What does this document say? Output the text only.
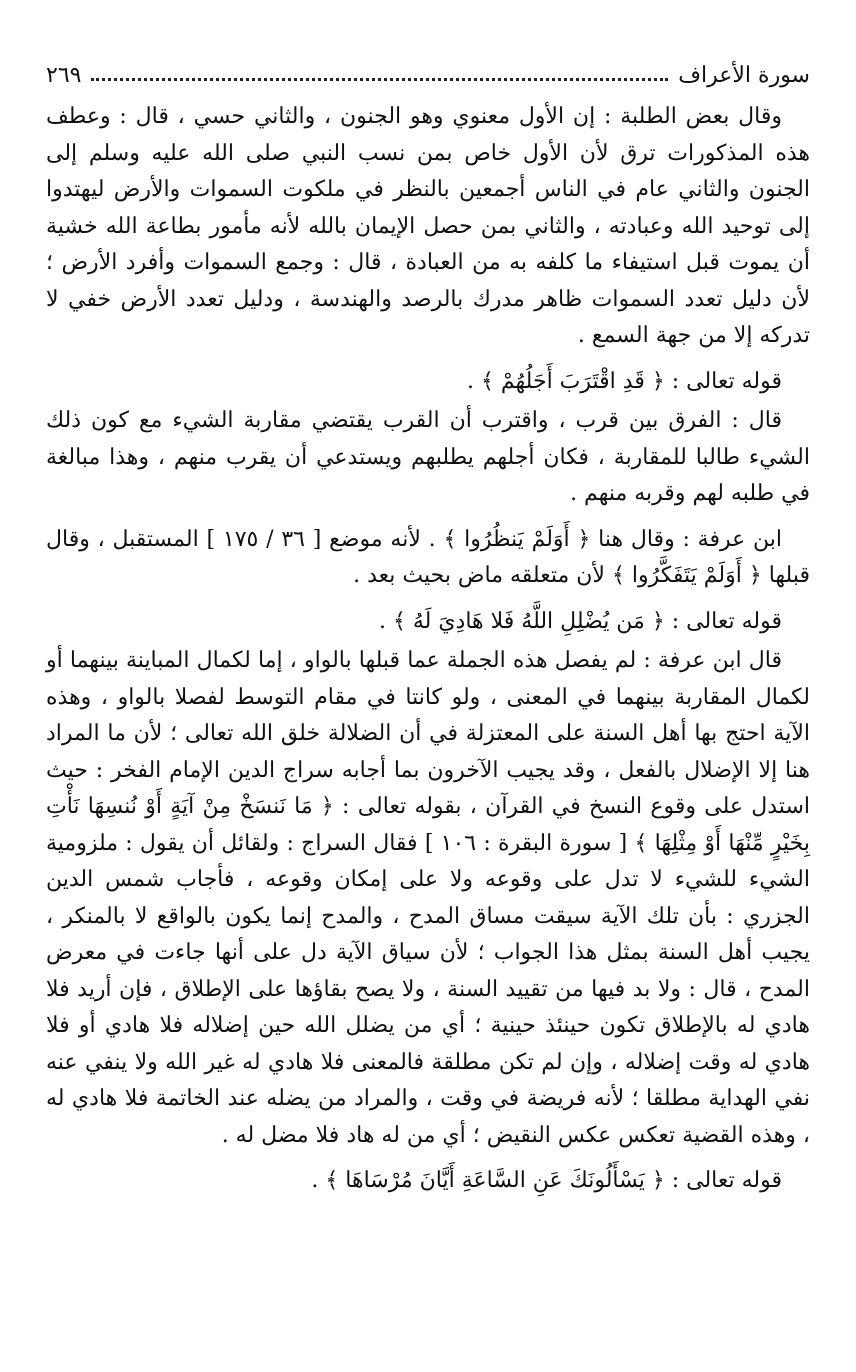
سورة الأعراف
٢٦٩

وقال بعض الطلبة : إن الأول معنوي وهو الجنون ، والثاني حسي ، قال : وعطف هذه المذكورات ترق لأن الأول خاص بمن نسب النبي صلى الله عليه وسلم إلى الجنون والثاني عام في الناس أجمعين بالنظر في ملكوت السموات والأرض ليهتدوا إلى توحيد الله وعبادته ، والثاني بمن حصل الإيمان بالله لأنه مأمور بطاعة الله خشية أن يموت قبل استيفاء ما كلفه به من العبادة ، قال : وجمع السموات وأفرد الأرض ؛ لأن دليل تعدد السموات ظاهر مدرك بالرصد والهندسة ، ودليل تعدد الأرض خفي لا تدركه إلا من جهة السمع .

قوله تعالى : ﴿ قَدِ اقْتَرَبَ أَجَلُهُمْ ﴾ .

قال : الفرق بين قرب ، واقترب أن القرب يقتضي مقاربة الشيء مع كون ذلك الشيء طالبا للمقاربة ، فكان أجلهم يطلبهم ويستدعي أن يقرب منهم ، وهذا مبالغة في طلبه لهم وقربه منهم .

ابن عرفة : وقال هنا ﴿ أَوَلَمْ يَنظُرُوا ﴾ . لأنه موضع [ ٣٦ / ١٧٥ ] المستقبل ، وقال قبلها ﴿ أَوَلَمْ يَتَفَكَّرُوا ﴾ لأن متعلقه ماض بحيث بعد .

قوله تعالى : ﴿ مَن يُضْلِلِ اللَّهُ فَلا هَادِيَ لَهُ ﴾ .

قال ابن عرفة : لم يفصل هذه الجملة عما قبلها بالواو ، إما لكمال المباينة بينهما أو لكمال المقاربة بينهما في المعنى ، ولو كانتا في مقام التوسط لفصلا بالواو ، وهذه الآية احتج بها أهل السنة على المعتزلة في أن الضلالة خلق الله تعالى ؛ لأن ما المراد هنا إلا الإضلال بالفعل ، وقد يجيب الآخرون بما أجابه سراج الدين الإمام الفخر : حيث استدل على وقوع النسخ في القرآن ، بقوله تعالى : ﴿ مَا نَنسَخْ مِنْ آيَةٍ أَوْ نُنسِهَا نَأْتِ بِخَيْرٍ مِّنْهَا أَوْ مِثْلِهَا ﴾ [ سورة البقرة : ١٠٦ ] فقال السراج : ولقائل أن يقول : ملزومية الشيء للشيء لا تدل على وقوعه ولا على إمكان وقوعه ، فأجاب شمس الدين الجزري : بأن تلك الآية سيقت مساق المدح ، والمدح إنما يكون بالواقع لا بالمنكر ، يجيب أهل السنة بمثل هذا الجواب ؛ لأن سياق الآية دل على أنها جاءت في معرض المدح ، قال : ولا بد فيها من تقييد السنة ، ولا يصح بقاؤها على الإطلاق ، فإن أريد فلا هادي له بالإطلاق تكون حينئذ حينية ؛ أي من يضلل الله حين إضلاله فلا هادي أو فلا هادي له وقت إضلاله ، وإن لم تكن مطلقة فالمعنى فلا هادي له غير الله ولا ينفي عنه نفي الهداية مطلقا ؛ لأنه فريضة في وقت ، والمراد من يضله عند الخاتمة فلا هادي له ، وهذه القضية تعكس عكس النقيض ؛ أي من له هاد فلا مضل له .

قوله تعالى : ﴿ يَسْأَلُونَكَ عَنِ السَّاعَةِ أَيَّانَ مُرْسَاهَا ﴾ .
